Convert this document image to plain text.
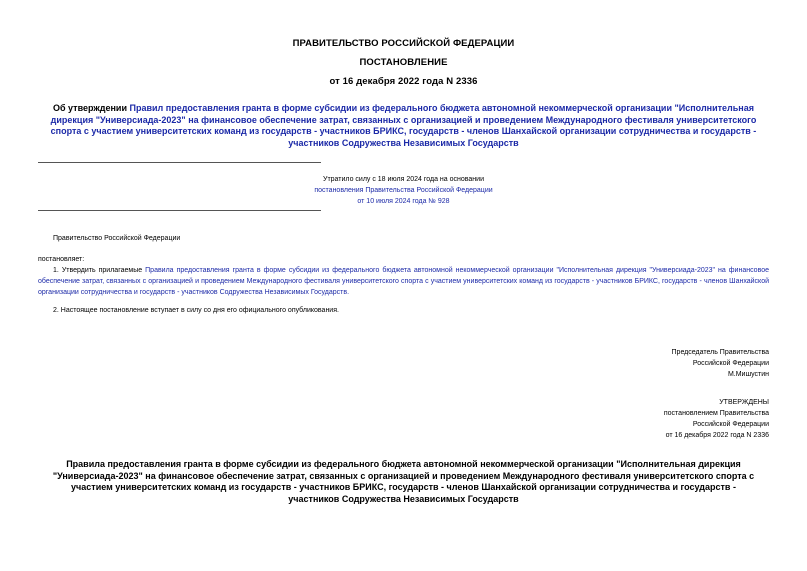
ПРАВИТЕЛЬСТВО РОССИЙСКОЙ ФЕДЕРАЦИИ
ПОСТАНОВЛЕНИЕ
от 16 декабря 2022 года N 2336
Об утверждении Правил предоставления гранта в форме субсидии из федерального бюджета автономной некоммерческой организации "Исполнительная дирекция "Универсиада-2023" на финансовое обеспечение затрат, связанных с организацией и проведением Международного фестиваля университетского спорта с участием университетских команд из государств - участников БРИКС, государств - членов Шанхайской организации сотрудничества и государств - участников Содружества Независимых Государств
Утратило силу с 18 июля 2024 года на основании
постановления Правительства Российской Федерации
от 10 июля 2024 года № 928
Правительство Российской Федерации
постановляет:
1. Утвердить прилагаемые Правила предоставления гранта в форме субсидии из федерального бюджета автономной некоммерческой организации "Исполнительная дирекция "Универсиада-2023" на финансовое обеспечение затрат, связанных с организацией и проведением Международного фестиваля университетского спорта с участием университетских команд из государств - участников БРИКС, государств - членов Шанхайской организации сотрудничества и государств - участников Содружества Независимых Государств.
2. Настоящее постановление вступает в силу со дня его официального опубликования.
Председатель Правительства
Российской Федерации
М.Мишустин
УТВЕРЖДЕНЫ
постановлением Правительства
Российской Федерации
от 16 декабря 2022 года N 2336
Правила предоставления гранта в форме субсидии из федерального бюджета автономной некоммерческой организации "Исполнительная дирекция "Универсиада-2023" на финансовое обеспечение затрат, связанных с организацией и проведением Международного фестиваля университетского спорта с участием университетских команд из государств - участников БРИКС, государств - членов Шанхайской организации сотрудничества и государств - участников Содружества Независимых Государств
